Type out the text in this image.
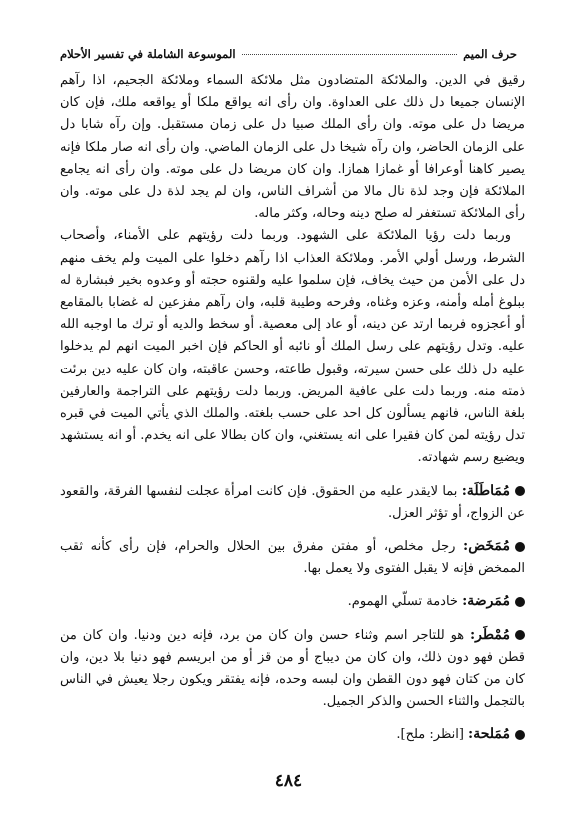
حرف الميم
الموسوعة الشاملة في تفسير الأحلام

رقيق في الدين. والملائكة المتضادون مثل ملائكة السماء وملائكة الجحيم، اذا رآهم الإنسان جميعا دل ذلك على العداوة. وان رأى انه يواقع ملكا أو يواقعه ملك، فإن كان مريضا دل على موته. وان رأى الملك صبيا دل على زمان مستقبل. وإن رآه شابا دل على الزمان الحاضر، وان رآه شيخا دل على الزمان الماضي. وان رأى انه صار ملكا فإنه يصير كاهنا أوعرافا أو غمازا همازا. وان كان مريضا دل على موته. وان رأى انه يجامع الملائكة فإن وجد لذة نال مالا من أشراف الناس، وان لم يجد لذة دل على موته. وان رأى الملائكة تستغفر له صلح دينه وحاله، وكثر ماله.

وربما دلت رؤيا الملائكة على الشهود. وربما دلت رؤيتهم على الأمناء، وأصحاب الشرط، ورسل أولي الأمر. وملائكة العذاب اذا رآهم دخلوا على الميت ولم يخف منهم دل على الأمن من حيث يخاف، فإن سلموا عليه ولقنوه حجته أو وعدوه بخير فبشارة له ببلوغ أمله وأمنه، وعزه وغناه، وفرحه وطيبة قلبه، وان رآهم مفزعين له غضابا بالمقامع أو أعجزوه فربما ارتد عن دينه، أو عاد إلى معصية. أو سخط والديه أو ترك ما اوجبه الله عليه. وتدل رؤيتهم على رسل الملك أو نائبه أو الحاكم فإن اخبر الميت انهم لم يدخلوا عليه دل ذلك على حسن سيرته، وقبول طاعته، وحسن عاقبته، وان كان عليه دين برئت ذمته منه. وربما دلت على عافية المريض. وربما دلت رؤيتهم على التراجمة والعارفين بلغة الناس، فانهم يسألون كل احد على حسب بلغته. والملك الذي يأتي الميت في قبره تدل رؤيته لمن كان فقيرا على انه يستغني، وان كان بطالا على انه يخدم. أو انه يستشهد ويضيع رسم شهادته.

مُمَاطَلَة: بما لايقدر عليه من الحقوق. فإن كانت امرأة عجلت لنفسها الفرقة، والقعود عن الزواج، أو تؤثر العزل.
مُمَخَض: رجل مخلص، أو مفتن مفرق بين الحلال والحرام، فإن رأى كأنه ثقب الممخض فإنه لا يقبل الفتوى ولا يعمل بها.
مُمَرضة: خادمة تسلّي الهموم.
مُمْطَر: هو للتاجر اسم وثناء حسن وان كان من برد، فإنه دين ودنيا. وان كان من قطن فهو دون ذلك، وان كان من ديباج أو من قز أو من ابريسم فهو دنيا بلا دين، وان كان من كتان فهو دون القطن وان لبسه وحده، فإنه يفتقر ويكون رجلا يعيش في الناس بالتجمل والثناء الحسن والذكر الجميل.
مُمَلحة: [انظر: ملح].
٤٨٤
